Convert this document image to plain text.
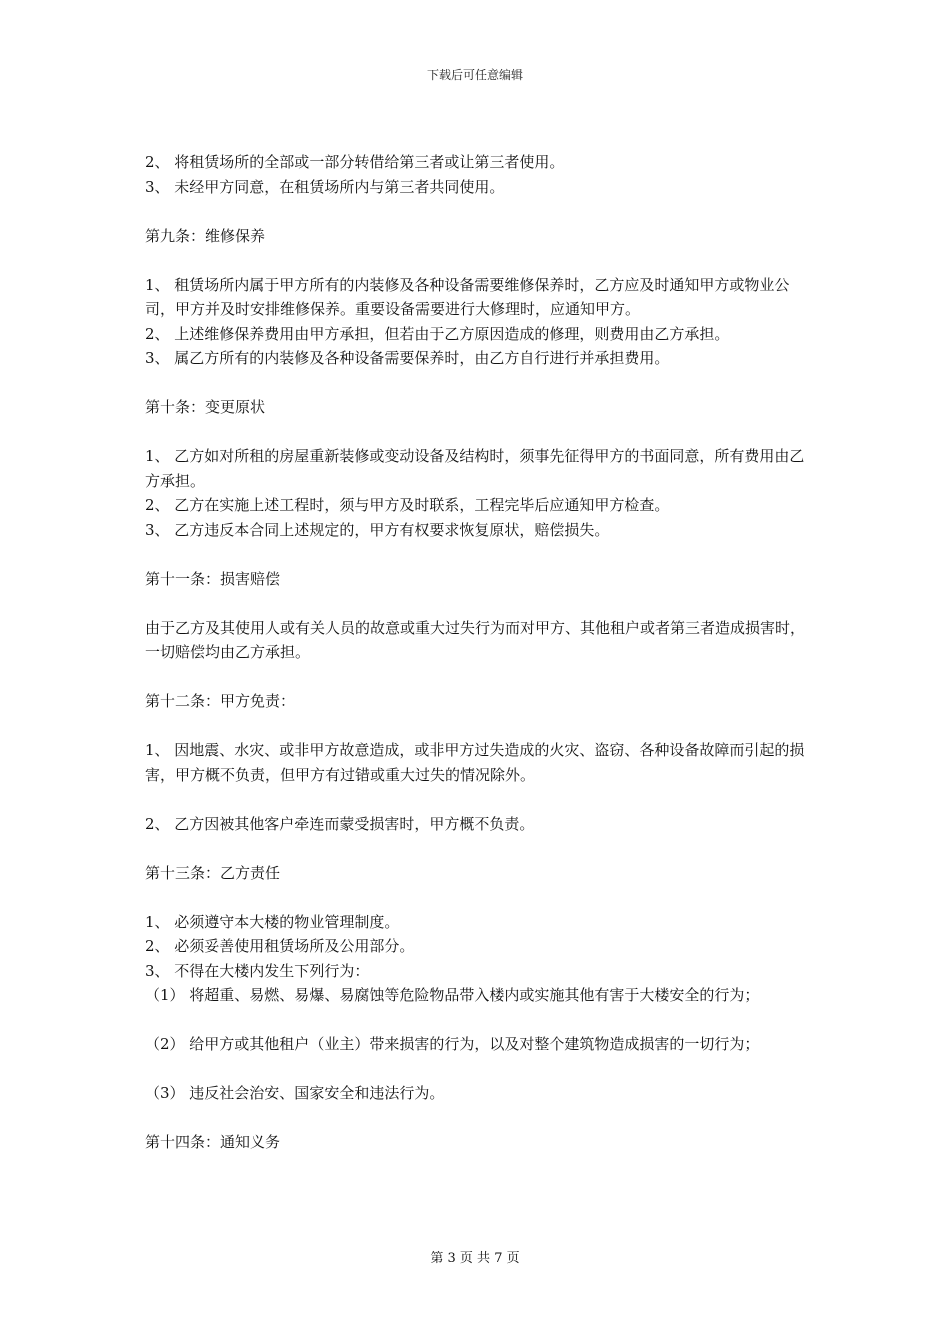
下载后可任意编辑

2、 将租赁场所的全部或一部分转借给第三者或让第三者使用。

3、 未经甲方同意，在租赁场所内与第三者共同使用。

第九条：维修保养

1、 租赁场所内属于甲方所有的内装修及各种设备需要维修保养时，乙方应及时通知甲方或物业公司，甲方并及时安排维修保养。重要设备需要进行大修理时，应通知甲方。

2、 上述维修保养费用由甲方承担，但若由于乙方原因造成的修理，则费用由乙方承担。

3、 属乙方所有的内装修及各种设备需要保养时，由乙方自行进行并承担费用。

第十条：变更原状

1、 乙方如对所租的房屋重新装修或变动设备及结构时，须事先征得甲方的书面同意，所有费用由乙方承担。

2、 乙方在实施上述工程时，须与甲方及时联系，工程完毕后应通知甲方检查。

3、 乙方违反本合同上述规定的，甲方有权要求恢复原状，赔偿损失。

第十一条：损害赔偿

由于乙方及其使用人或有关人员的故意或重大过失行为而对甲方、其他租户或者第三者造成损害时，一切赔偿均由乙方承担。

第十二条：甲方免责：

1、 因地震、水灾、或非甲方故意造成，或非甲方过失造成的火灾、盗窃、各种设备故障而引起的损害，甲方概不负责，但甲方有过错或重大过失的情况除外。

2、 乙方因被其他客户牵连而蒙受损害时，甲方概不负责。

第十三条：乙方责任

1、 必须遵守本大楼的物业管理制度。

2、 必须妥善使用租赁场所及公用部分。

3、 不得在大楼内发生下列行为：

（1） 将超重、易燃、易爆、易腐蚀等危险物品带入楼内或实施其他有害于大楼安全的行为；

（2） 给甲方或其他租户（业主）带来损害的行为，以及对整个建筑物造成损害的一切行为；

（3） 违反社会治安、国家安全和违法行为。

第十四条：通知义务

第 3 页 共 7 页
